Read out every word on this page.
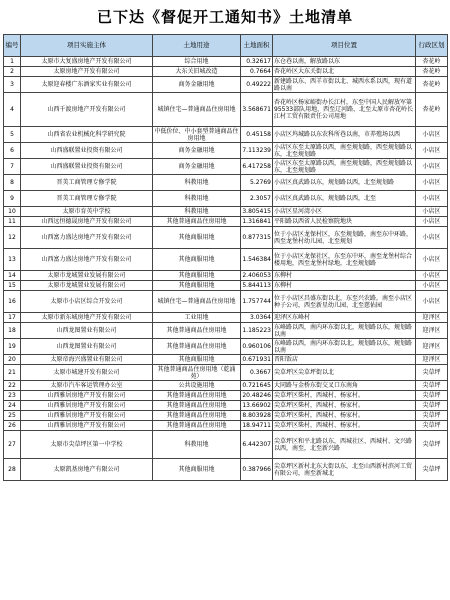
已下达《督促开工通知书》土地清单
编号	项目实施主体	土地用途	土地面积	项目位置	行政区划
1	太原市大复盛房地产开发有限公司	综合用地	0.32617	东仓巷以南，解放路以东	杏花岭
2	太原房地产开发有限公司	大东关旧城改造	0.7664	杏花岭区大东关街以北	杏花岭
3	太原迎春楼广东酒家实业有限公司	商务金融用地	0.49222	新建路以东、西羊市街以北、城西水系以西，现有道路以南	杏花岭
4	山西千渡房地产开发有限公司	城镇住宅—普通商品住房用地	3.568671	杏花岭区杨家峪街办长江村，东至中国人民解放军第95533部队用地，西至辽河路，北至太原市杏花岭长江村工贸有限责任公司用地	杏花岭
5	山西省农业机械化科学研究院	中低价位、中小套型普通商品住房用地	0.45158	小店区坞城路以东农科所巷以南，市养殖场以西	小店区
6	山西盛联置业投资有限公司	商务金融用地	7.113239	小店区东至太原路以西，南至规划路，西至规划路以东，北至规划路	小店区
7	山西盛联置业投资有限公司	商务金融用地	6.417258	小店区东至太原路以西，南至规划路，西至规划路以东，北至规划路	小店区
8	晋美工商管理专修学院	科教用地	5.2769	小店区真武路以东，规划路以西，北至规划路	小店区
9	晋美工商管理专修学院	科教用地	2.3057	小店区真武路以东，规划路以西，北至	小店区
10	太原市育英中学校	科教用地	3.805415	小店区星河湾小区	小店区
11	山西远恒德晟房地产开发有限公司	其他普通商品住房用地	1.316841	平阳路以西省人民检察院地块	小店区
12	山西富力盛达房地产开发有限公司	其他商服用地	0.877315	位于小店区龙保村区，东至规划路，南至东中环路，西至龙堡村幼儿园、北至规划	小店区
13	山西富力盛达房地产开发有限公司	其他商服用地	1.546384	位于小店区龙保社区，东至东中环，南至龙堡村综合楼用地，西至龙堡村绿地，北至规划路	小店区
14	太原市龙城置业发展有限公司	其他商服用地	2.406053	东柳村	小店区
15	太原市龙城置业发展有限公司	其他商服用地	5.844113	东柳村	小店区
16	太原市小店区综合开发公司	城镇住宅—普通商品住房用地	1.757744	位于小店区昌盛东街以北，东至兴农路，南至小店区种子公司，西至新星幼儿园、北至慈佑园	小店区
17	太原市新东城房地产开发有限公司	工业用地	3.0364	迎泽区东峰村	迎泽区
18	山西龙图置业有限公司	其他普通商品住房用地	1.185223	东峰路以西，南内环东街以北，规划路以东，规划路以南	迎泽区
19	山西龙图置业有限公司	其他普通商品住房用地	0.960106	东峰路以西，南内环东街以北，规划路以东，规划路以南	迎泽区
20	太原帝海兴盛置业有限公司	其他商服用地	0.671931	晋阳饭店	迎泽区
21	太原市城建开发有限公司	其他普通商品住房用地（乾涌苑）	0.3667	尖草坪区尖草坪街以北	尖草坪
22	太原市汽车客运管理办公室	公共设施用地	0.721645	大同路与金桥东街交叉口东南角	尖草坪
23	山西雅居房地产开发有限公司	其他普通商品住房用地	20.48246	尖草坪区柴村，西城村、杨家村。	尖草坪
24	山西雅居房地产开发有限公司	其他普通商品住房用地	13.66902	尖草坪区柴村，西城村、杨家村。	尖草坪
25	山西雅居房地产开发有限公司	其他普通商品住房用地	8.803928	尖草坪区柴村，西城村、杨家村。	尖草坪
26	山西雅居房地产开发有限公司	其他普通商品住房用地	18.94711	尖草坪区柴村，西城村、杨家村。	尖草坪
27	太原市尖草坪区第一中学校	科教用地	6.442307	尖草坪区和平北路以东，西城社区、西城村、文兴路以西，南至，北至新兴路	尖草坪
28	太原凯基房地产有限公司	其他商服用地	0.387966	尖草坪区新村北东大街以东，北至山西新村滨河工贸有限公司，南至新城北	尖草坪
